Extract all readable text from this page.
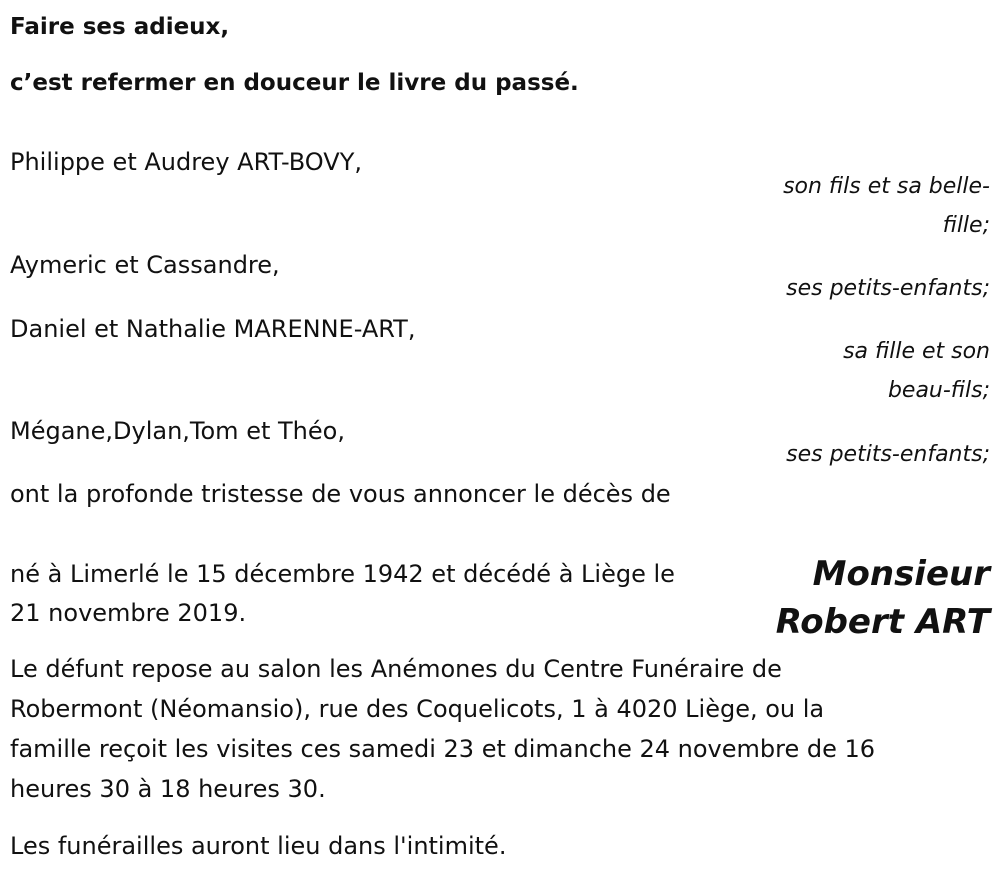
Faire ses adieux,
c’est refermer en douceur le livre du passé.
Philippe et Audrey ART-BOVY,
son fils et sa belle-
fille;
Aymeric et Cassandre,
ses petits-enfants;
Daniel et Nathalie MARENNE-ART,
sa fille et son
beau-fils;
Mégane,Dylan,Tom et Théo,
ses petits-enfants;
ont la profonde tristesse de vous annoncer le décès de
né à Limerlé le 15 décembre 1942 et décédé à Liège le
21 novembre 2019.
Monsieur
Robert ART
Le défunt repose au salon les Anémones du Centre Funéraire de
Robermont (Néomansio), rue des Coquelicots, 1 à 4020 Liège, ou la
famille reçoit les visites ces samedi 23 et dimanche 24 novembre de 16
heures 30 à 18 heures 30.
Les funérailles auront lieu dans l'intimité.
